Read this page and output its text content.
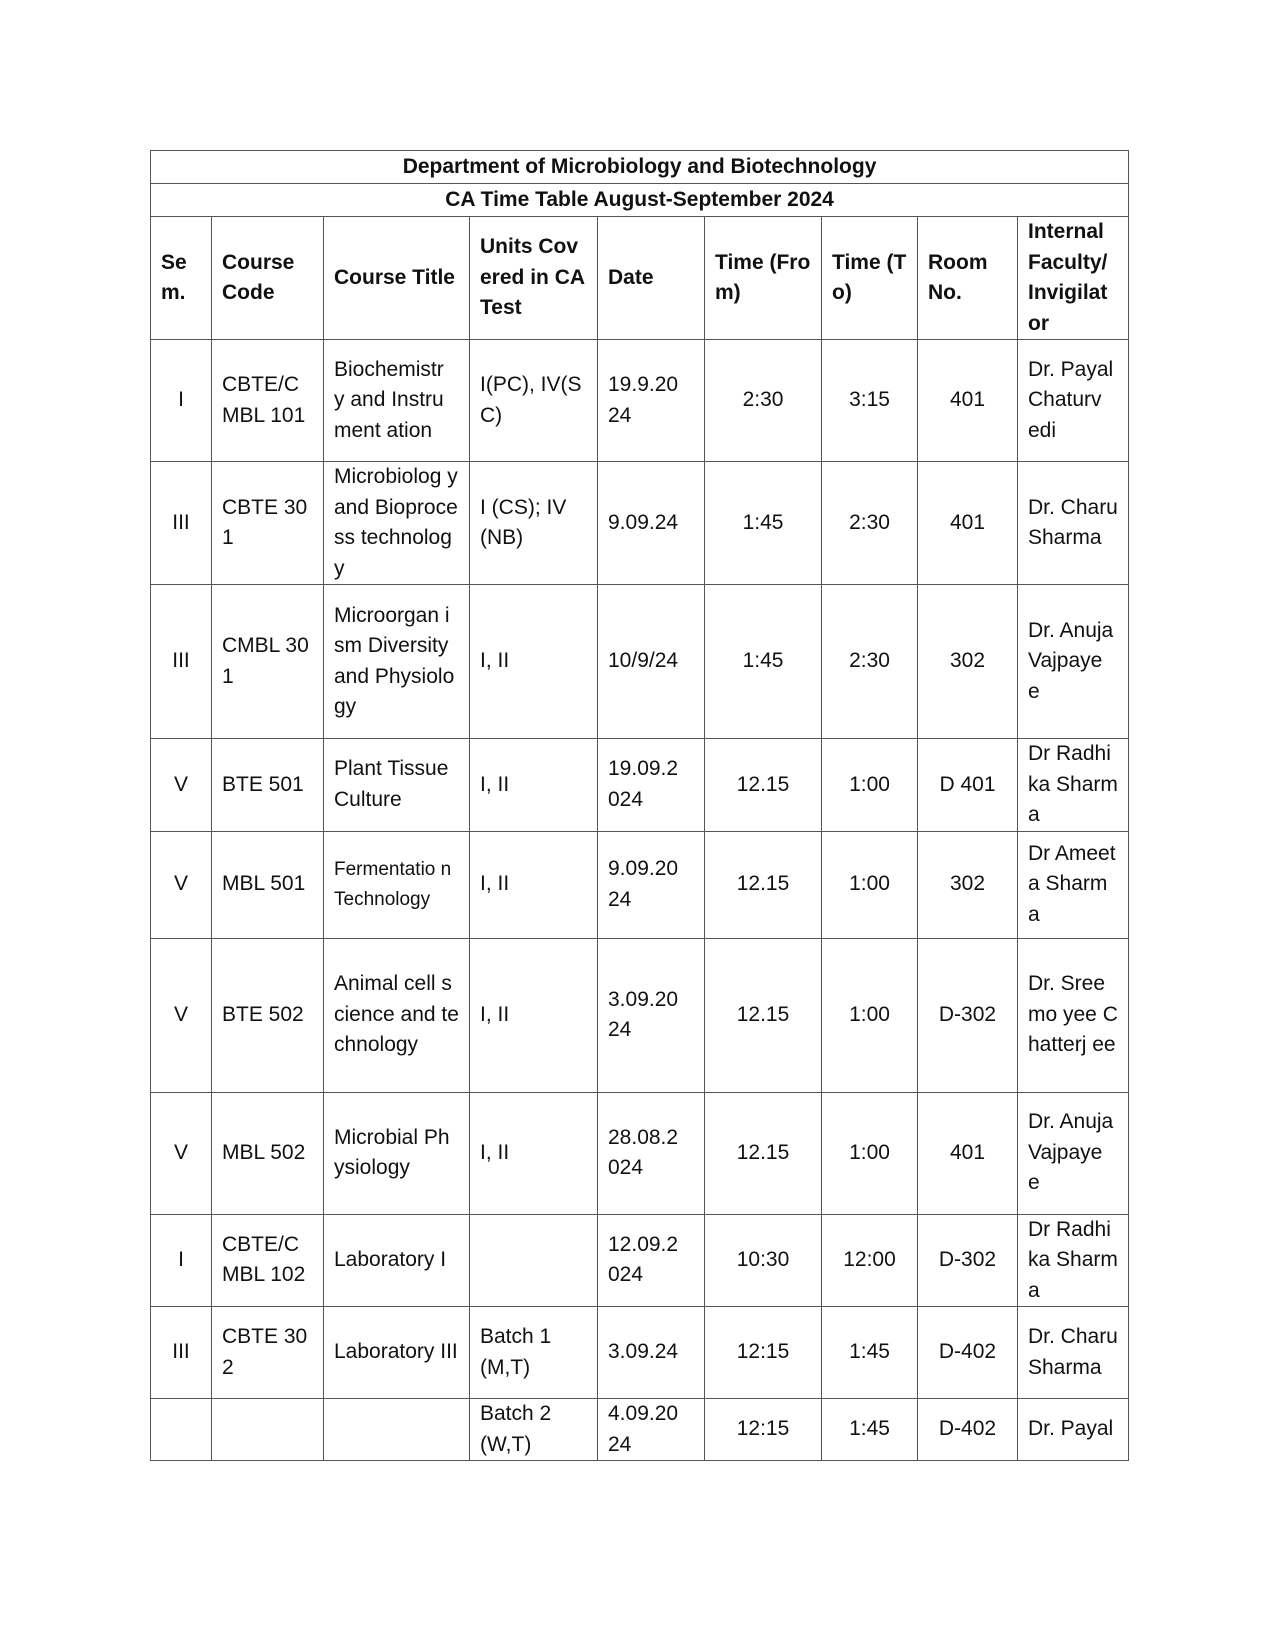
Department of Microbiology and Biotechnology								
CA Time Table August-September 2024								
Se m.	Course Code	Course Title	Units Covered in CA Test	Date	Time (From)	Time (To)	Room No.	Internal Faculty/ Invigilat or
I	CBTE/C MBL 101	Biochemistr y and Instrument ation	I(PC), IV(SC)	19.9.20 24	2:30	3:15	401	Dr. Payal Chaturv edi
III	CBTE 301	Microbiolog y and Bioprocess technology	I (CS); IV (NB)	9.09.24	1:45	2:30	401	Dr. Charu Sharma
III	CMBL 301	Microorgan ism Diversity and Physiology	I, II	10/9/24	1:45	2:30	302	Dr. Anuja Vajpaye e
V	BTE 501	Plant Tissue Culture	I, II	19.09.2 024	12.15	1:00	D 401	Dr Radhika Sharma
V	MBL 501	Fermentatio n Technology	I, II	9.09.20 24	12.15	1:00	302	Dr Ameeta Sharma
V	BTE 502	Animal cell science and technology	I, II	3.09.20 24	12.15	1:00	D-302	Dr. Sreemo yee Chatterj ee
V	MBL 502	Microbial Physiology	I, II	28.08.2 024	12.15	1:00	401	Dr. Anuja Vajpaye e
I	CBTE/C MBL 102	Laboratory I		12.09.2 024	10:30	12:00	D-302	Dr Radhika Sharma
III	CBTE 302	Laboratory III	Batch 1 (M,T)	3.09.24	12:15	1:45	D-402	Dr. Charu Sharma
			Batch 2 (W,T)	4.09.20 24	12:15	1:45	D-402	Dr. Payal
